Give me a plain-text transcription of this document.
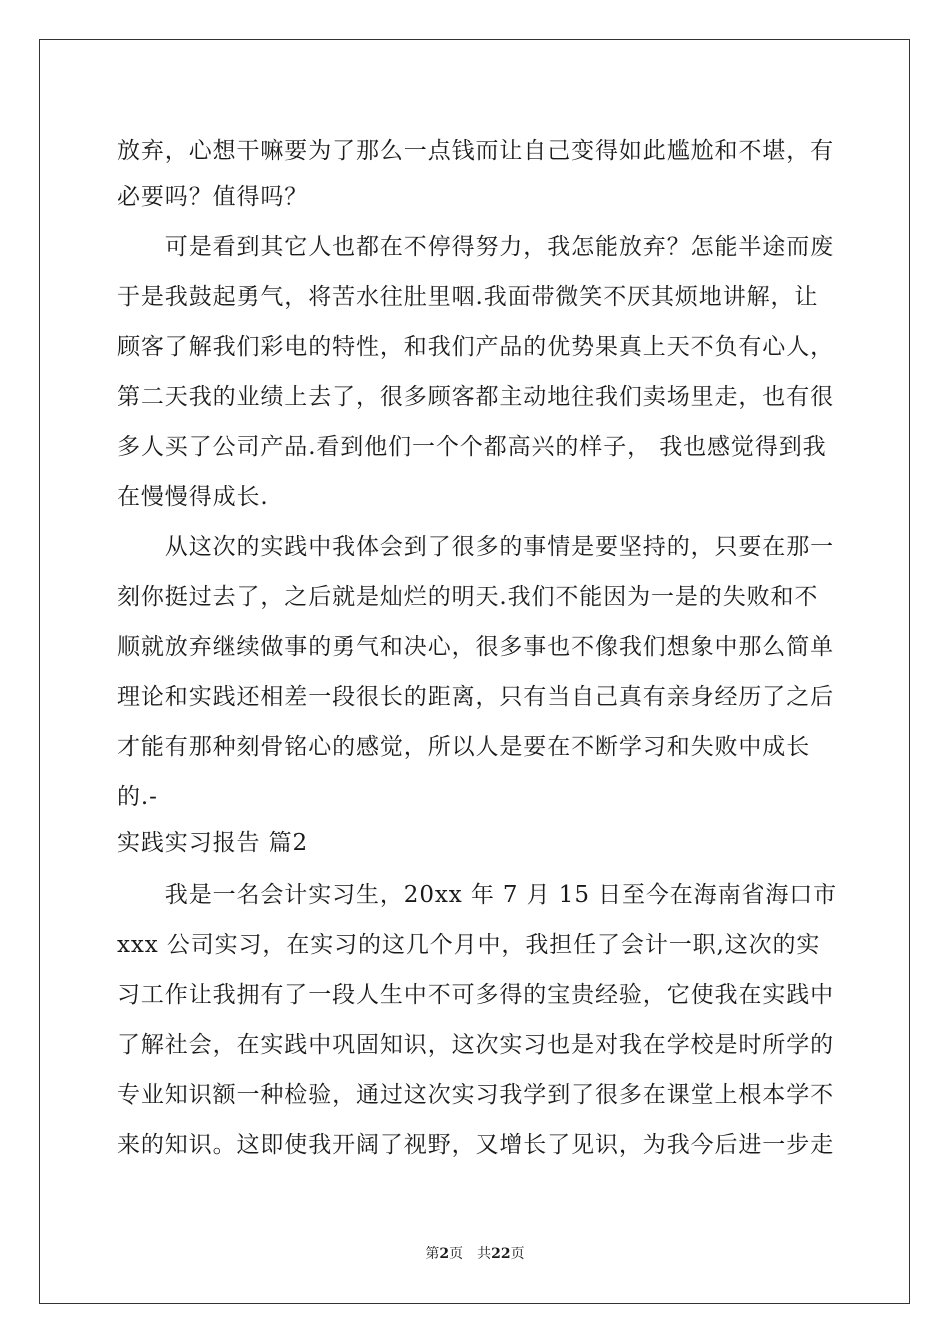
放弃，心想干嘛要为了那么一点钱而让自己变得如此尴尬和不堪，有
必要吗？值得吗？
　　可是看到其它人也都在不停得努力，我怎能放弃？怎能半途而废
于是我鼓起勇气，将苦水往肚里咽.我面带微笑不厌其烦地讲解，让
顾客了解我们彩电的特性，和我们产品的优势果真上天不负有心人，
第二天我的业绩上去了，很多顾客都主动地往我们卖场里走，也有很
多人买了公司产品.看到他们一个个都高兴的样子， 我也感觉得到我
在慢慢得成长.
　　从这次的实践中我体会到了很多的事情是要坚持的，只要在那一
刻你挺过去了，之后就是灿烂的明天.我们不能因为一是的失败和不
顺就放弃继续做事的勇气和决心，很多事也不像我们想象中那么简单
理论和实践还相差一段很长的距离，只有当自己真有亲身经历了之后
才能有那种刻骨铭心的感觉，所以人是要在不断学习和失败中成长
的.-
实践实习报告 篇2
　　我是一名会计实习生，20xx 年 7 月 15 日至今在海南省海口市
xxx 公司实习，在实习的这几个月中，我担任了会计一职,这次的实
习工作让我拥有了一段人生中不可多得的宝贵经验，它使我在实践中
了解社会，在实践中巩固知识，这次实习也是对我在学校是时所学的
专业知识额一种检验，通过这次实习我学到了很多在课堂上根本学不
来的知识。这即使我开阔了视野，又增长了见识，为我今后进一步走
第2页　共22页
